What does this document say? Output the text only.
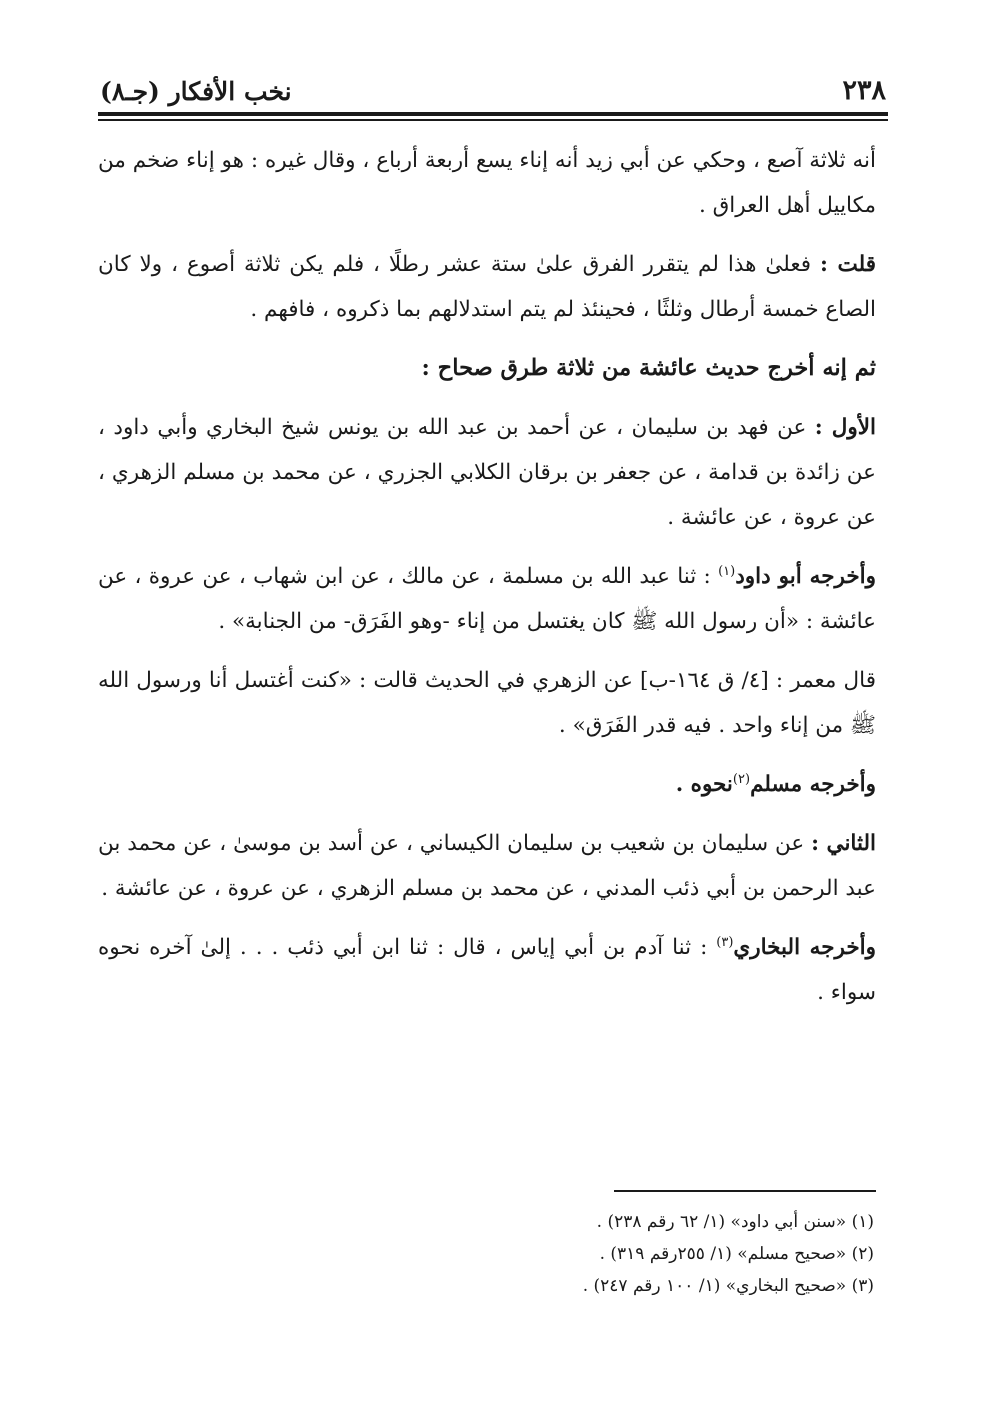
٢٣٨
نخب الأفكار (جـ٨)

أنه ثلاثة آصع ، وحكي عن أبي زيد أنه إناء يسع أربعة أرباع ، وقال غيره : هو إناء ضخم من مكاييل أهل العراق .

قلت : فعلىٰ هذا لم يتقرر الفرق علىٰ ستة عشر رطلًا ، فلم يكن ثلاثة أصوع ، ولا كان الصاع خمسة أرطال وثلثًا ، فحينئذ لم يتم استدلالهم بما ذكروه ، فافهم .

ثم إنه أخرج حديث عائشة من ثلاثة طرق صحاح :

الأول : عن فهد بن سليمان ، عن أحمد بن عبد الله بن يونس شيخ البخاري وأبي داود ، عن زائدة بن قدامة ، عن جعفر بن برقان الكلابي الجزري ، عن محمد بن مسلم الزهري ، عن عروة ، عن عائشة .

وأخرجه أبو داود$^{(١)}$ : ثنا عبد الله بن مسلمة ، عن مالك ، عن ابن شهاب ، عن عروة ، عن عائشة : «أن رسول الله ﷺ كان يغتسل من إناء -وهو الفَرَق- من الجنابة» .

قال معمر : [٤/ ق ١٦٤-ب] عن الزهري في الحديث قالت : «كنت أغتسل أنا ورسول الله ﷺ من إناء واحد . فيه قدر الفَرَق» .

وأخرجه مسلم$^{(٢)}$نحوه .

الثاني : عن سليمان بن شعيب بن سليمان الكيساني ، عن أسد بن موسىٰ ، عن محمد بن عبد الرحمن بن أبي ذئب المدني ، عن محمد بن مسلم الزهري ، عن عروة ، عن عائشة .

وأخرجه البخاري$^{(٣)}$ : ثنا آدم بن أبي إياس ، قال : ثنا ابن أبي ذئب . . . إلىٰ آخره نحوه سواء .

(١) «سنن أبي داود» (١/ ٦٢ رقم ٢٣٨) .
(٢) «صحيح مسلم» (١/ ٢٥٥رقم ٣١٩) .
(٣) «صحيح البخاري» (١/ ١٠٠ رقم ٢٤٧) .
